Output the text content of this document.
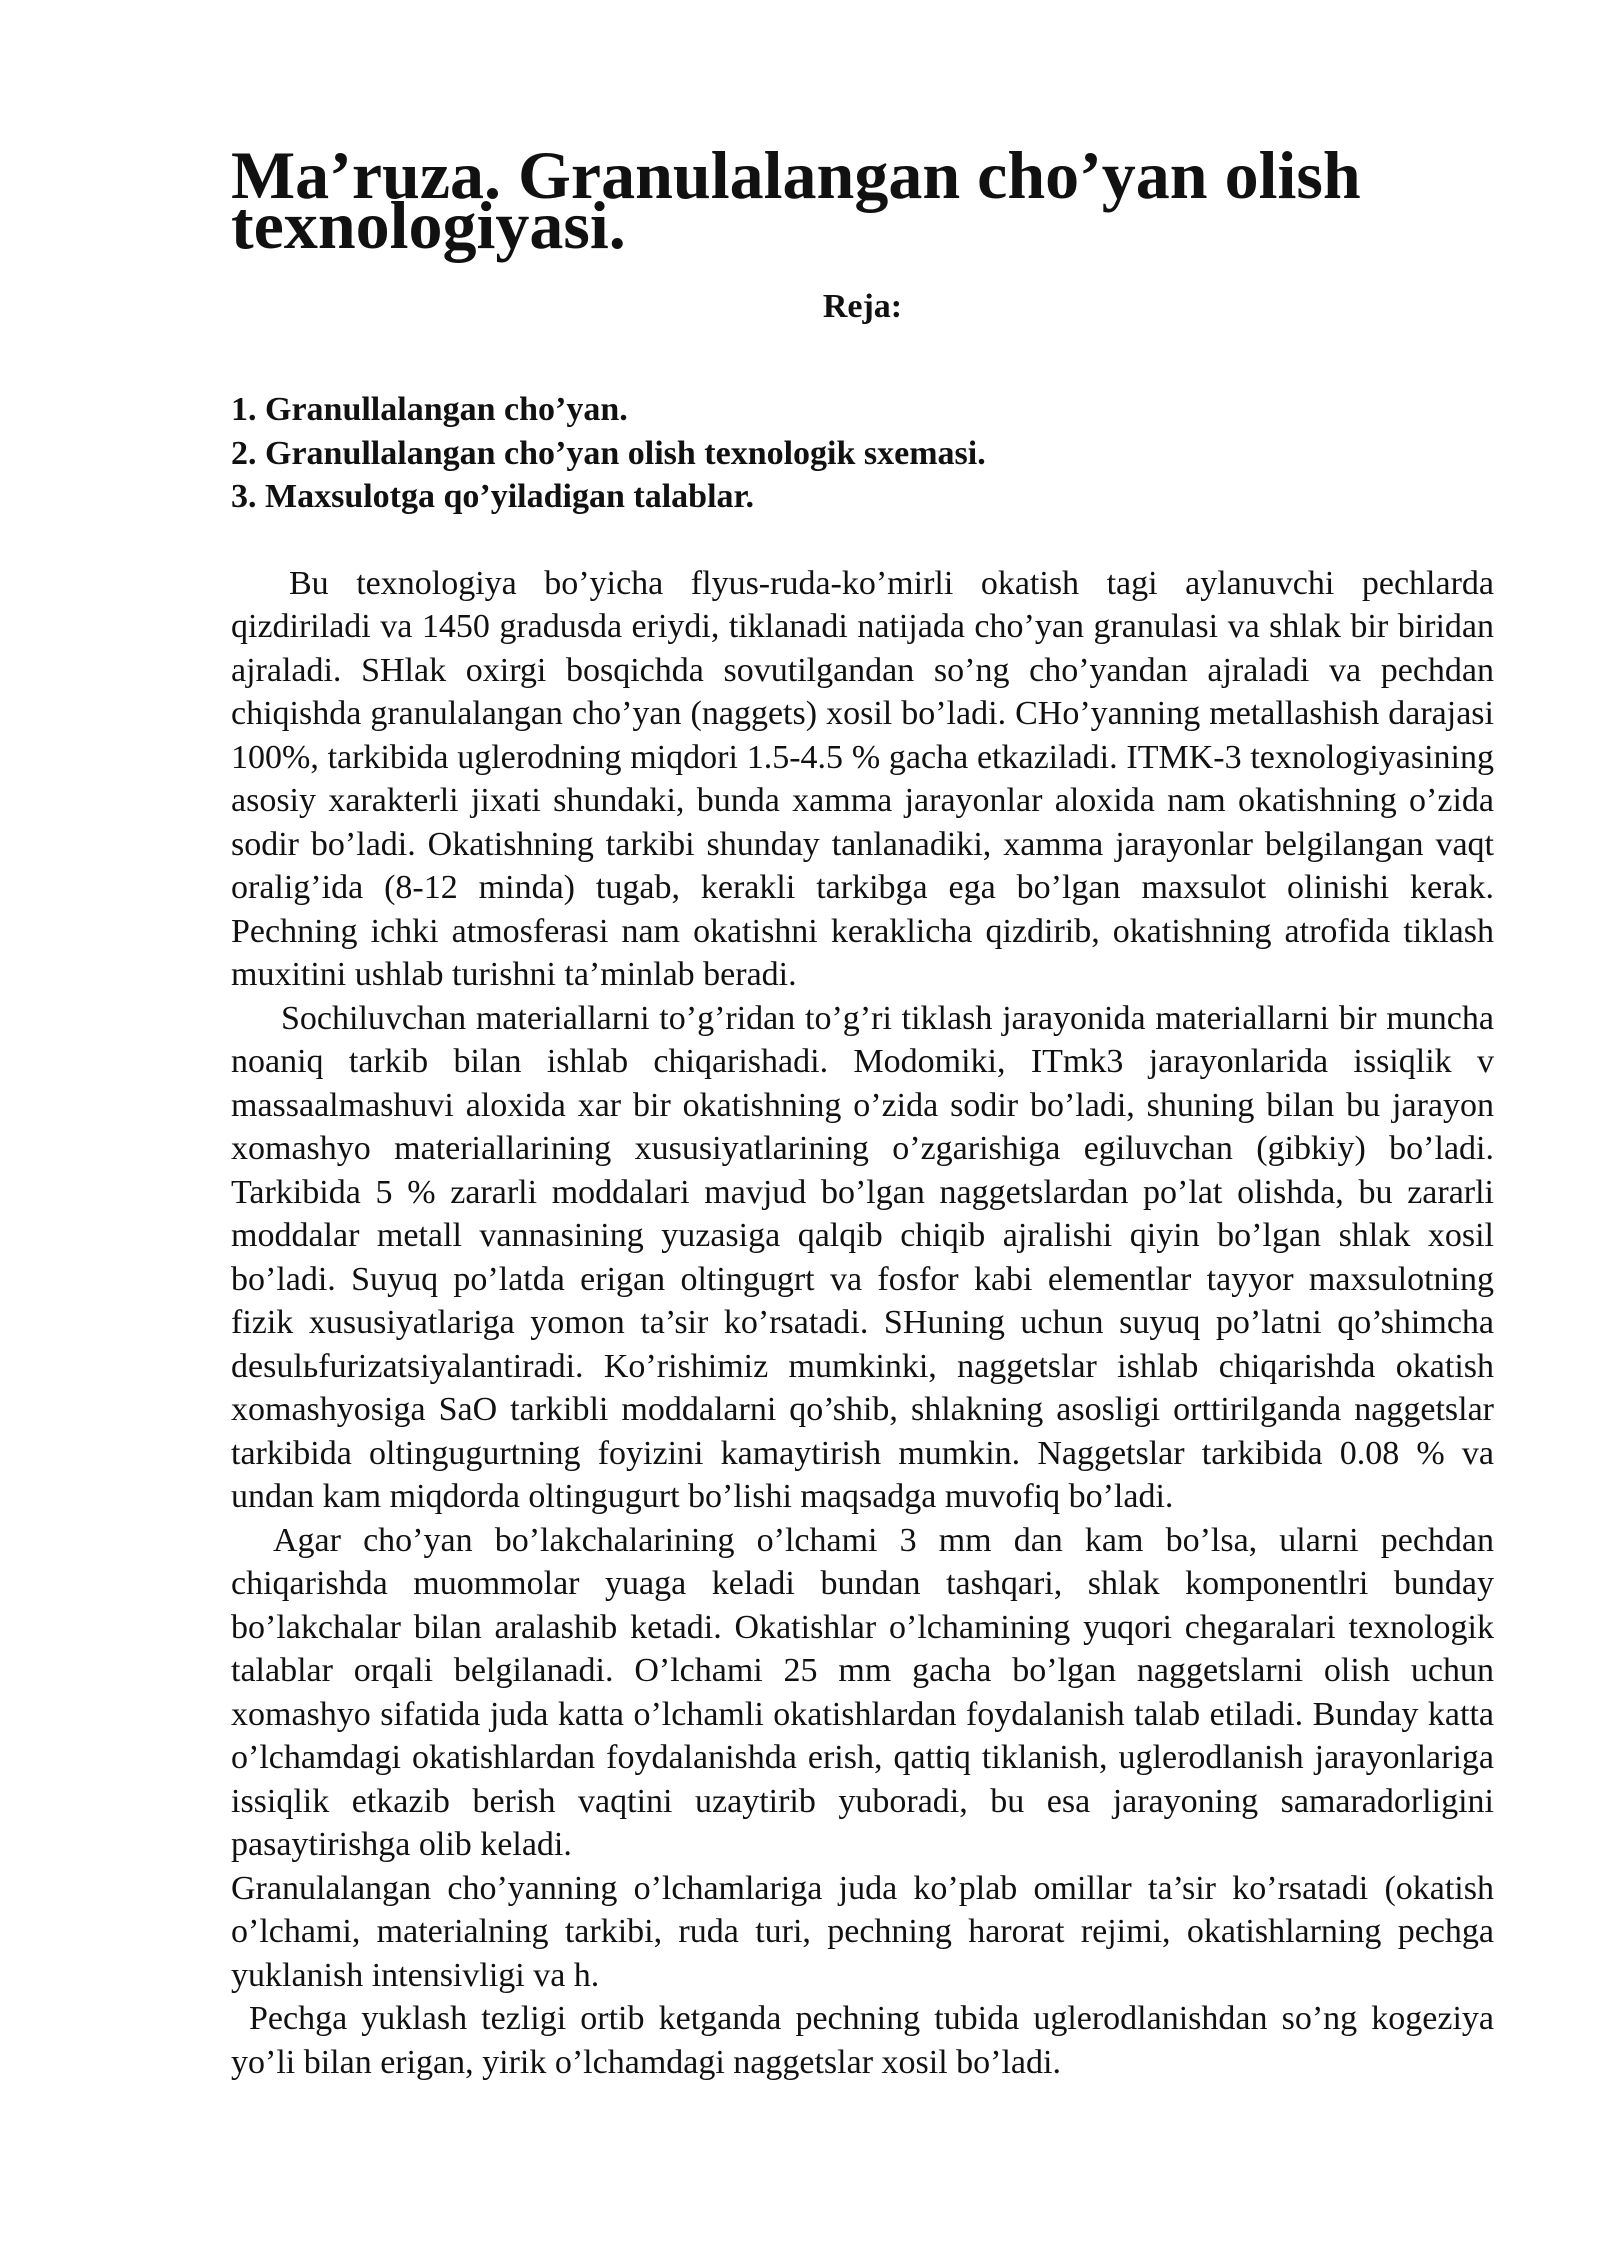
Ma’ruza. Granulalangan cho’yan olish texnologiyasi.
Reja:
1. Granullalangan cho’yan.
2. Granullalangan cho’yan olish texnologik sxemasi.
3. Maxsulotga qo’yiladigan talablar.

Bu texnologiya bo’yicha flyus-ruda-ko’mirli okatish tagi aylanuvchi pechlarda qizdiriladi va 1450 gradusda eriydi, tiklanadi natijada cho’yan granulasi va shlak bir biridan ajraladi. SHlak oxirgi bosqichda sovutilgandan so’ng cho’yandan ajraladi va pechdan chiqishda granulalangan cho’yan (naggets) xosil bo’ladi. CHo’yanning metallashish darajasi 100%, tarkibida uglerodning miqdori 1.5-4.5 % gacha etkaziladi. ITMK-3 texnologiyasining asosiy xarakterli jixati shundaki, bunda xamma jarayonlar aloxida nam okatishning o’zida sodir bo’ladi. Okatishning tarkibi shunday tanlanadiki, xamma jarayonlar belgilangan vaqt oralig’ida (8-12 minda) tugab, kerakli tarkibga ega bo’lgan maxsulot olinishi kerak. Pechning ichki atmosferasi nam okatishni keraklicha qizdirib, okatishning atrofida tiklash muxitini ushlab turishni ta’minlab beradi.

Sochiluvchan materiallarni to’g’ridan to’g’ri tiklash jarayonida materiallarni bir muncha noaniq tarkib bilan ishlab chiqarishadi. Modomiki, ITmk3 jarayonlarida issiqlik v massaalmashuvi aloxida xar bir okatishning o’zida sodir bo’ladi, shuning bilan bu jarayon xomashyo materiallarining xususiyatlarining o’zgarishiga egiluvchan (gibkiy) bo’ladi. Tarkibida 5 % zararli moddalari mavjud bo’lgan naggetslardan po’lat olishda, bu zararli moddalar metall vannasining yuzasiga qalqib chiqib ajralishi qiyin bo’lgan shlak xosil bo’ladi. Suyuq po’latda erigan oltingugrt va fosfor kabi elementlar tayyor maxsulotning fizik xususiyatlariga yomon ta’sir ko’rsatadi. SHuning uchun suyuq po’latni qo’shimcha desulьfurizatsiyalantiradi. Ko’rishimiz mumkinki, naggetslar ishlab chiqarishda okatish xomashyosiga SaO tarkibli moddalarni qo’shib, shlakning asosligi orttirilganda naggetslar tarkibida oltingugurtning foyizini kamaytirish mumkin. Naggetslar tarkibida 0.08 % va undan kam miqdorda oltingugurt bo’lishi maqsadga muvofiq bo’ladi.

Agar cho’yan bo’lakchalarining o’lchami 3 mm dan kam bo’lsa, ularni pechdan chiqarishda muommolar yuaga keladi bundan tashqari, shlak komponentlri bunday bo’lakchalar bilan aralashib ketadi. Okatishlar o’lchamining yuqori chegaralari texnologik talablar orqali belgilanadi. O’lchami 25 mm gacha bo’lgan naggetslarni olish uchun xomashyo sifatida juda katta o’lchamli okatishlardan foydalanish talab etiladi. Bunday katta o’lchamdagi okatishlardan foydalanishda erish, qattiq tiklanish, uglerodlanish jarayonlariga issiqlik etkazib berish vaqtini uzaytirib yuboradi, bu esa jarayoning samaradorligini pasaytirishga olib keladi.

Granulalangan cho’yanning o’lchamlariga juda ko’plab omillar ta’sir ko’rsatadi (okatish o’lchami, materialning tarkibi, ruda turi, pechning harorat rejimi, okatishlarning pechga yuklanish intensivligi va h.

Pechga yuklash tezligi ortib ketganda pechning tubida uglerodlanishdan so’ng kogeziya yo’li bilan erigan, yirik o’lchamdagi naggetslar xosil bo’ladi.
